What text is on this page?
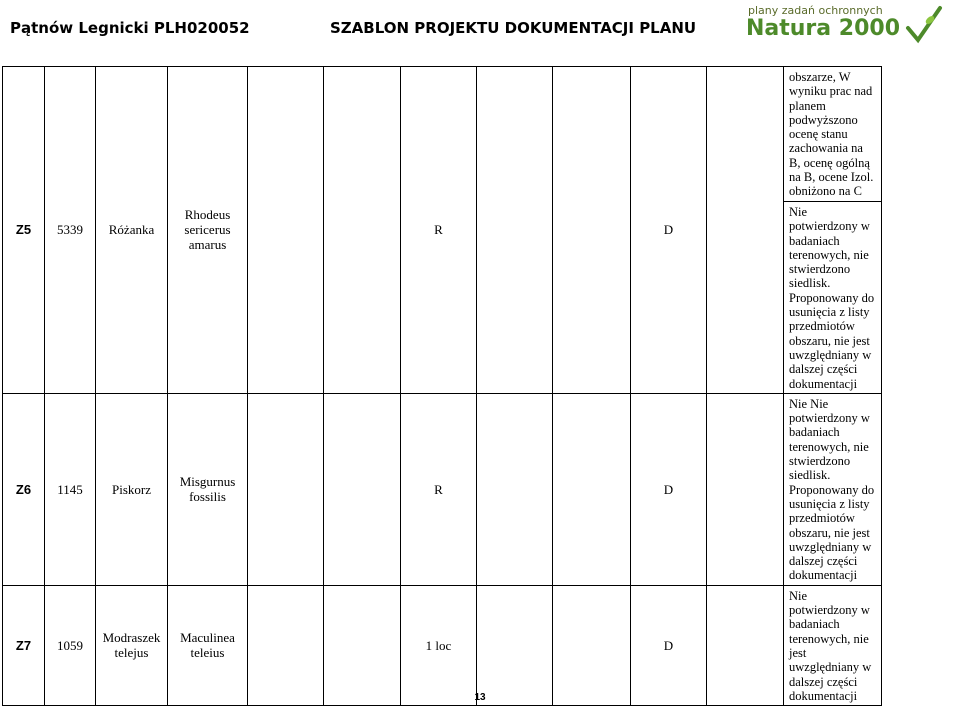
Pątnów Legnicki PLH020052	SZABLON PROJEKTU DOKUMENTACJI PLANU
plany zadań ochronnych
Natura 2000
Z5	5339	Różanka	Rhodeus sericerus amarus			R			D		obszarze, W wyniku prac nad planem podwyższono ocenę stanu zachowania na B, ocenę ogólną na B, ocene Izol. obniżono na C

											Nie potwierdzony w badaniach terenowych, nie stwierdzono siedlisk. Proponowany do usunięcia z listy przedmiotów obszaru, nie jest uwzględniany w dalszej części dokumentacji

Z6	1145	Piskorz	Misgurnus fossilis			R			D		Nie Nie potwierdzony w badaniach terenowych, nie stwierdzono siedlisk. Proponowany do usunięcia z listy przedmiotów obszaru, nie jest uwzględniany w dalszej części dokumentacji

Z7	1059	Modraszek telejus	Maculinea teleius			1 loc			D		Nie potwierdzony w badaniach terenowych, nie jest uwzględniany w dalszej części dokumentacji
13
